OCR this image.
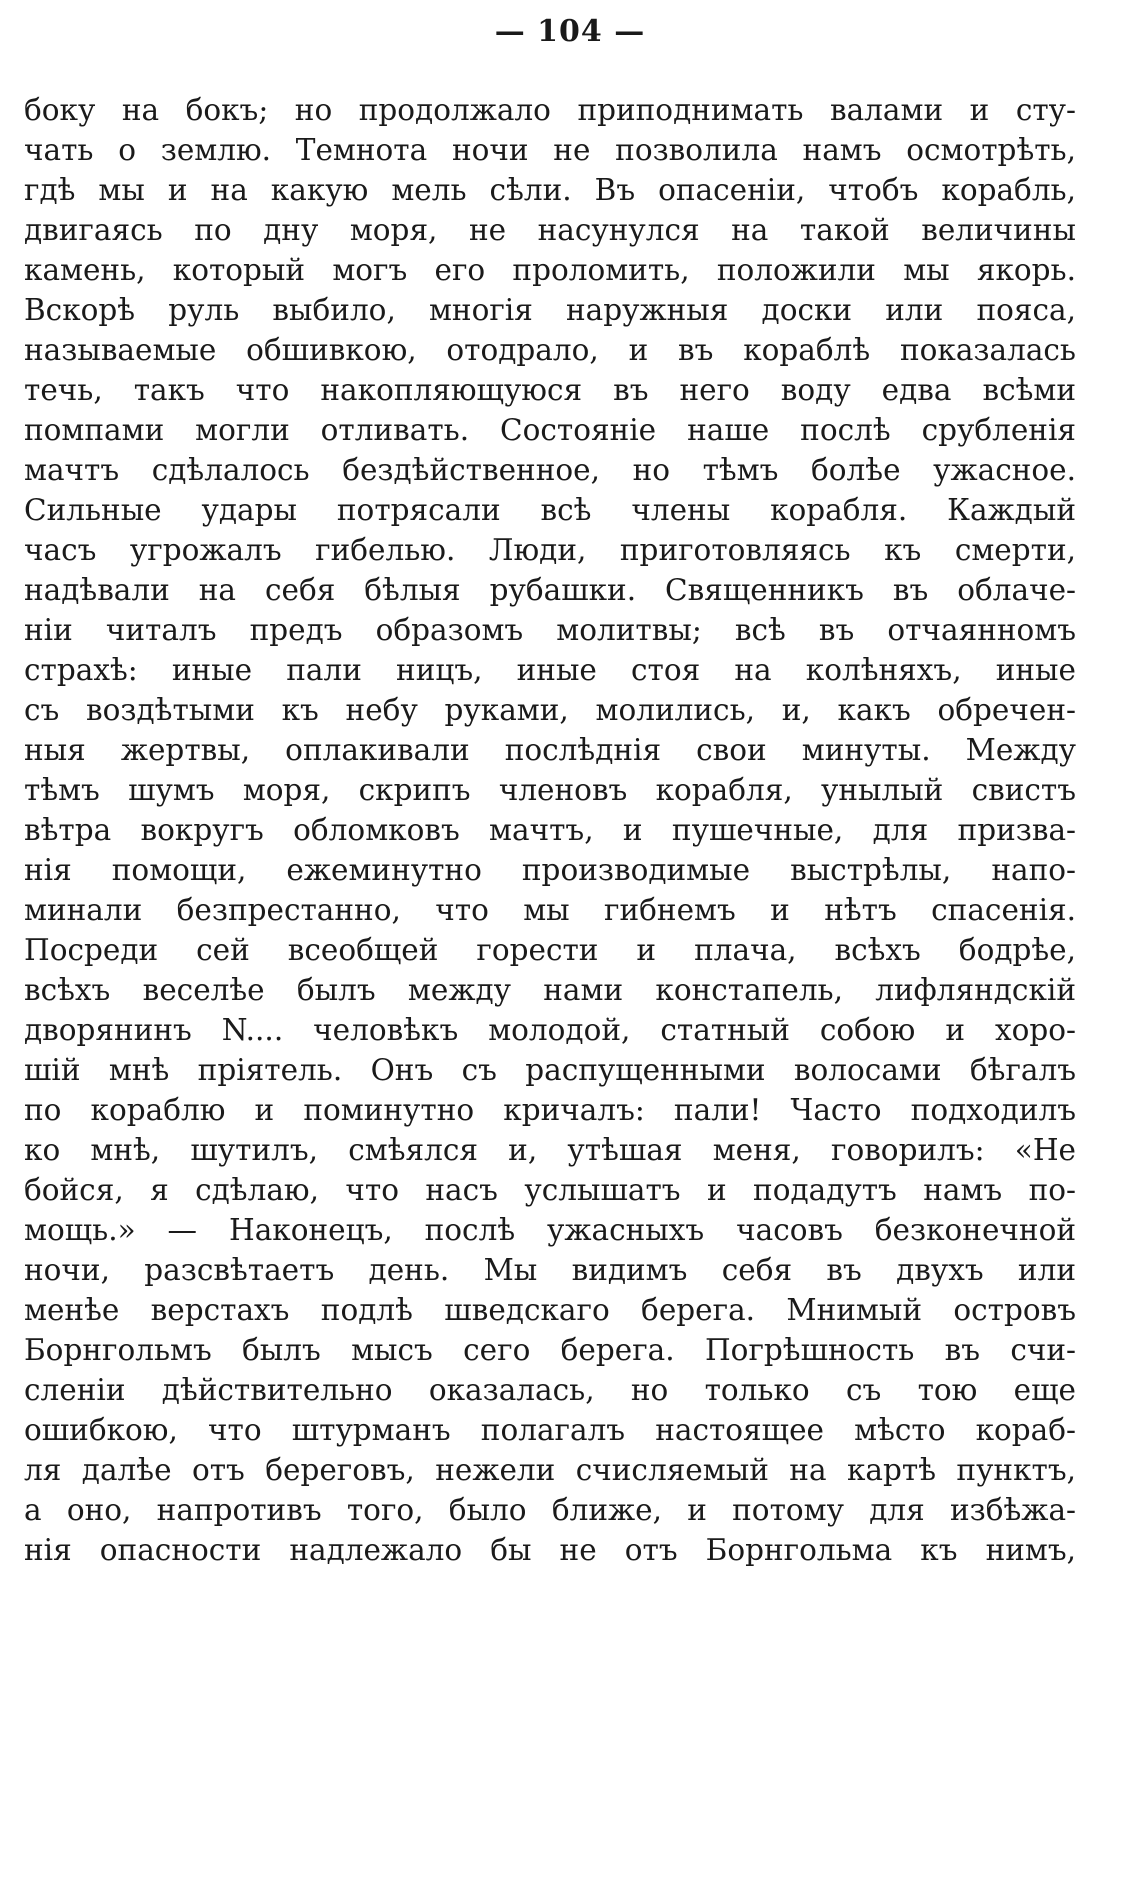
— 104 —
боку на бокъ; но продолжало приподнимать валами и сту-
чать о землю. Темнота ночи не позволила намъ осмотрѣть,
гдѣ мы и на какую мель сѣли. Въ опасенiи, чтобъ корабль,
двигаясь по дну моря, не насунулся на такой величины
камень, который могъ его проломить, положили мы якорь.
Вскорѣ руль выбило, многiя наружныя доски или пояса,
называемые обшивкою, отодрало, и въ кораблѣ показалась
течь, такъ что накопляющуюся въ него воду едва всѣми
помпами могли отливать. Состоянiе наше послѣ срубленiя
мачтъ сдѣлалось бездѣйственное, но тѣмъ болѣе ужасное.
Сильные удары потрясали всѣ члены корабля. Каждый
часъ угрожалъ гибелью. Люди, приготовляясь къ смерти,
надѣвали на себя бѣлыя рубашки. Священникъ въ облаче-
нiи читалъ предъ образомъ молитвы; всѣ въ отчаянномъ
страхѣ: иные пали ницъ, иные стоя на колѣняхъ, иные
съ воздѣтыми къ небу руками, молились, и, какъ обречен-
ныя жертвы, оплакивали послѣднiя свои минуты. Между
тѣмъ шумъ моря, скрипъ членовъ корабля, унылый свистъ
вѣтра вокругъ обломковъ мачтъ, и пушечные, для призва-
нiя помощи, ежеминутно производимые выстрѣлы, напо-
минали безпрестанно, что мы гибнемъ и нѣтъ спасенiя.
Посреди сей всеобщей горести и плача, всѣхъ бодрѣе,
всѣхъ веселѣе былъ между нами констапель, лифляндскiй
дворянинъ N.... человѣкъ молодой, статный собою и хоро-
шiй мнѣ прiятель. Онъ съ распущенными волосами бѣгалъ
по кораблю и поминутно кричалъ: пали! Часто подходилъ
ко мнѣ, шутилъ, смѣялся и, утѣшая меня, говорилъ: «Не
бойся, я сдѣлаю, что насъ услышатъ и подадутъ намъ по-
мощь.» — Наконецъ, послѣ ужасныхъ часовъ безконечной
ночи, разсвѣтаетъ день. Мы видимъ себя въ двухъ или
менѣе верстахъ подлѣ шведскаго берега. Мнимый островъ
Борнгольмъ былъ мысъ сего берега. Погрѣшность въ счи-
сленiи дѣйствительно оказалась, но только съ тою еще
ошибкою, что штурманъ полагалъ настоящее мѣсто кораб-
ля далѣе отъ береговъ, нежели счисляемый на картѣ пунктъ,
а оно, напротивъ того, было ближе, и потому для избѣжа-
нiя опасности надлежало бы не отъ Борнгольма къ нимъ,
